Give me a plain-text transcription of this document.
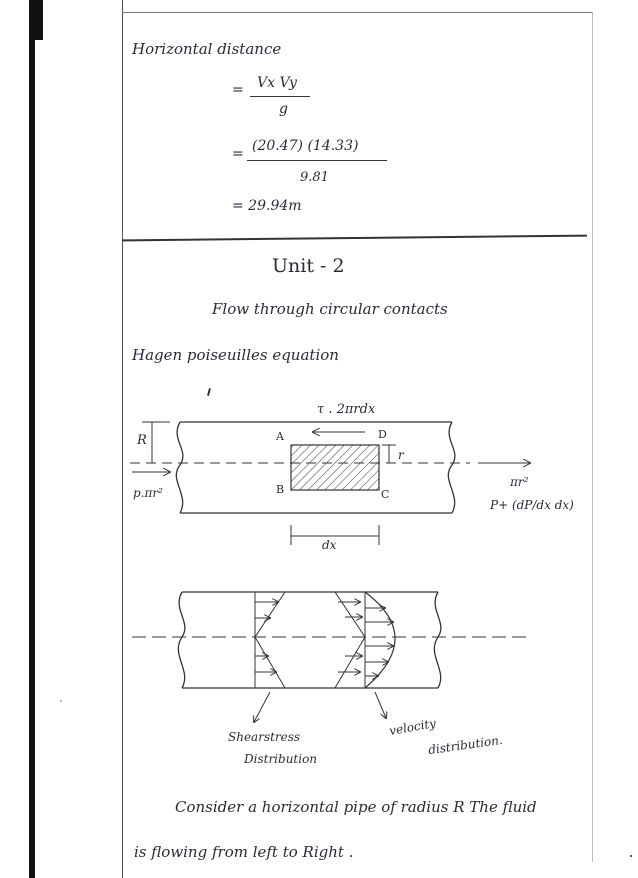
Horizontal distance
= Vx Vy
g
= (20.47) (14.33)
9.81
= 29.94m
Unit - 2
Flow through circular contacts
Hagen poiseuilles equation
τ . 2πrdx
R	A	D
B	C
r
p.πr²
πr²
P+ (dP/dx dx)
dx
Shearstress
Distribution
velocity
distribution.
Consider a horizontal pipe of radius R The fluid
is flowing from left to Right .
